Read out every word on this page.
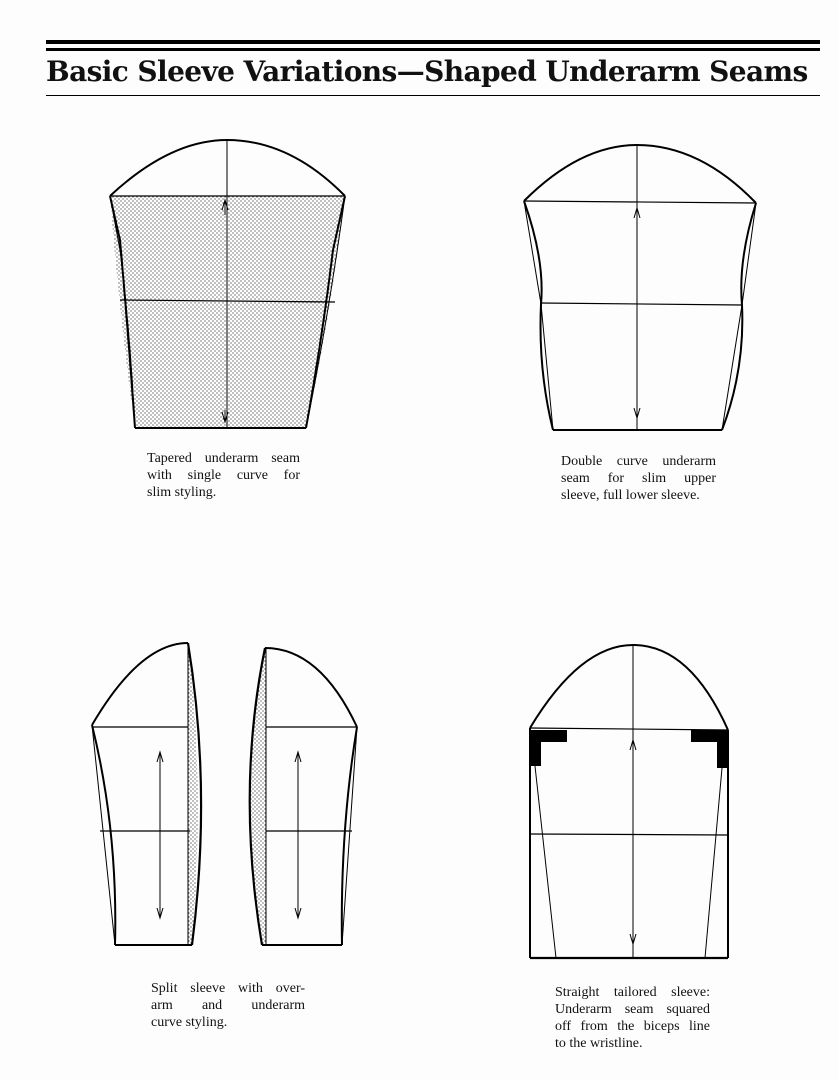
Basic Sleeve Variations—Shaped Underarm Seams

Tapered underarm seam
with single curve for
slim styling.

Double curve underarm
seam for slim upper
sleeve, full lower sleeve.

Split sleeve with over-
arm and underarm
curve styling.

Straight tailored sleeve:
Underarm seam squared
off from the biceps line
to the wristline.
